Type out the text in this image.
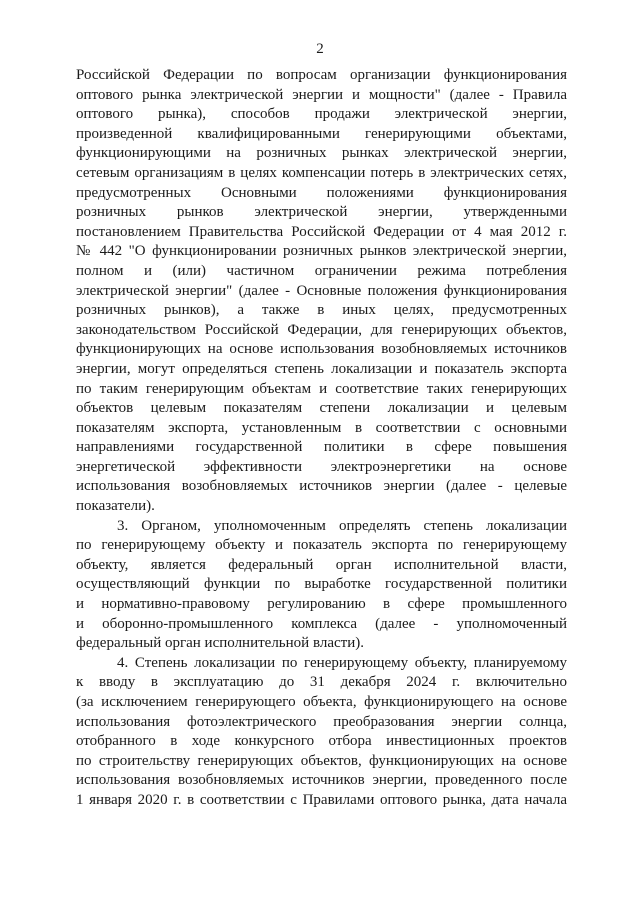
2
Российской Федерации по вопросам организации функционирования
оптового рынка электрической энергии и мощности" (далее - Правила
оптового рынка), способов продажи электрической энергии,
произведенной квалифицированными генерирующими объектами,
функционирующими на розничных рынках электрической энергии,
сетевым организациям в целях компенсации потерь в электрических сетях,
предусмотренных Основными положениями функционирования
розничных рынков электрической энергии, утвержденными
постановлением Правительства Российской Федерации от 4 мая 2012 г.
№ 442 "О функционировании розничных рынков электрической энергии,
полном и (или) частичном ограничении режима потребления
электрической энергии" (далее - Основные положения функционирования
розничных рынков), а также в иных целях, предусмотренных
законодательством Российской Федерации, для генерирующих объектов,
функционирующих на основе использования возобновляемых источников
энергии, могут определяться степень локализации и показатель экспорта
по таким генерирующим объектам и соответствие таких генерирующих
объектов целевым показателям степени локализации и целевым
показателям экспорта, установленным в соответствии с основными
направлениями государственной политики в сфере повышения
энергетической эффективности электроэнергетики на основе
использования возобновляемых источников энергии (далее - целевые
показатели).
3. Органом, уполномоченным определять степень локализации
по генерирующему объекту и показатель экспорта по генерирующему
объекту, является федеральный орган исполнительной власти,
осуществляющий функции по выработке государственной политики
и нормативно-правовому регулированию в сфере промышленного
и оборонно-промышленного комплекса (далее - уполномоченный
федеральный орган исполнительной власти).
4. Степень локализации по генерирующему объекту, планируемому
к вводу в эксплуатацию до 31 декабря 2024 г. включительно
(за исключением генерирующего объекта, функционирующего на основе
использования фотоэлектрического преобразования энергии солнца,
отобранного в ходе конкурсного отбора инвестиционных проектов
по строительству генерирующих объектов, функционирующих на основе
использования возобновляемых источников энергии, проведенного после
1 января 2020 г. в соответствии с Правилами оптового рынка, дата начала
